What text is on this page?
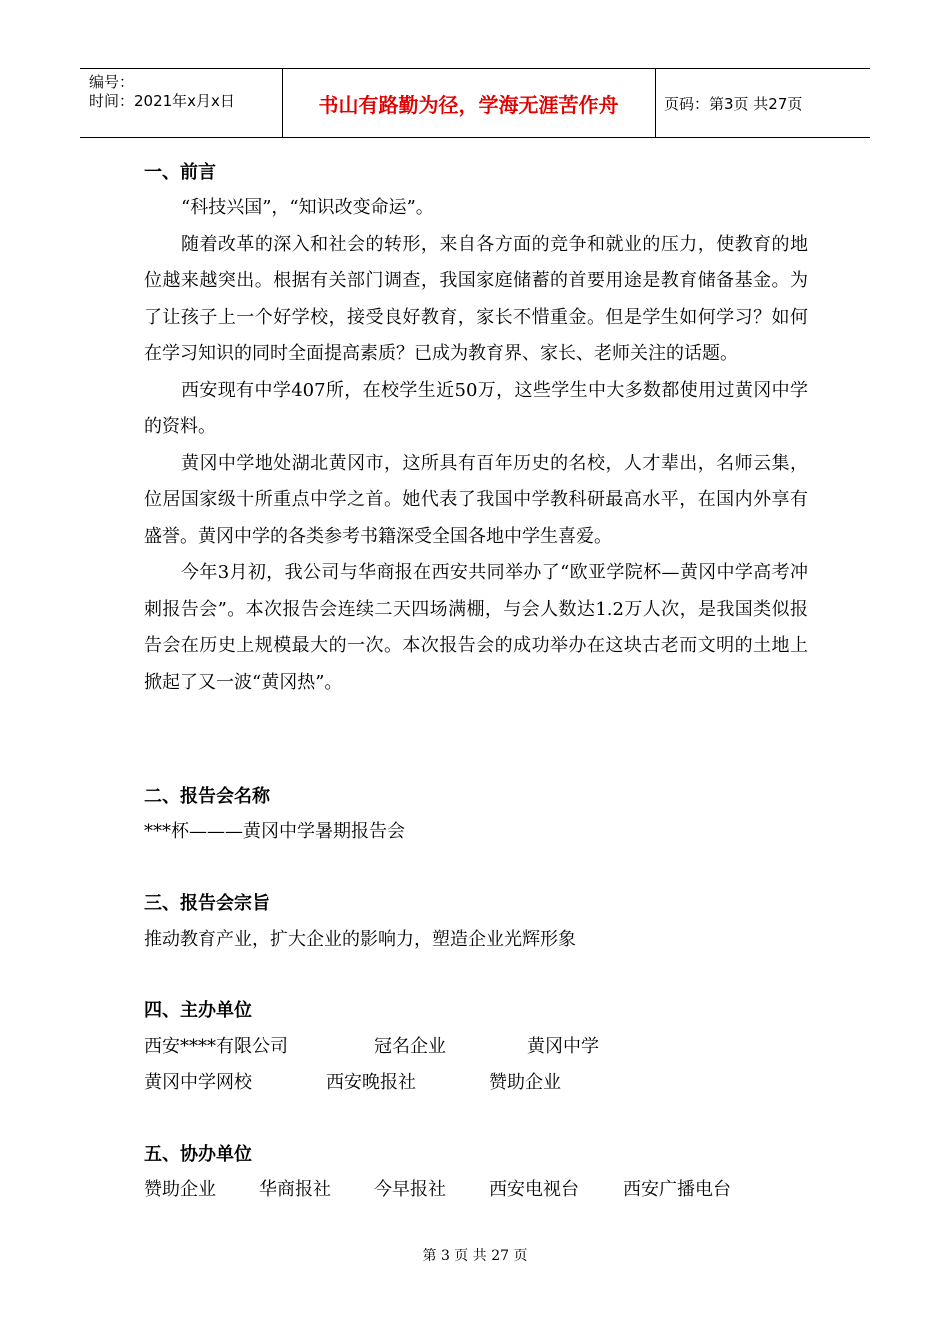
编号：
时间：2021年x月x日	书山有路勤为径，学海无涯苦作舟	页码：第3页 共27页
一、前言

“科技兴国”，“知识改变命运”。

随着改革的深入和社会的转形，来自各方面的竞争和就业的压力，使教育的地位越来越突出。根据有关部门调查，我国家庭储蓄的首要用途是教育储备基金。为了让孩子上一个好学校，接受良好教育，家长不惜重金。但是学生如何学习？如何在学习知识的同时全面提高素质？已成为教育界、家长、老师关注的话题。

西安现有中学407所，在校学生近50万，这些学生中大多数都使用过黄冈中学的资料。

黄冈中学地处湖北黄冈市，这所具有百年历史的名校，人才辈出，名师云集，位居国家级十所重点中学之首。她代表了我国中学教科研最高水平，在国内外享有盛誉。黄冈中学的各类参考书籍深受全国各地中学生喜爱。

今年3月初，我公司与华商报在西安共同举办了“欧亚学院杯—黄冈中学高考冲刺报告会”。本次报告会连续二天四场满棚，与会人数达1.2万人次，是我国类似报告会在历史上规模最大的一次。本次报告会的成功举办在这块古老而文明的土地上掀起了又一波“黄冈热”。

二、报告会名称
***杯———黄冈中学暑期报告会
三、报告会宗旨
推动教育产业，扩大企业的影响力，塑造企业光辉形象
四、主办单位
西安****有限公司	冠名企业	黄冈中学
黄冈中学网校	西安晚报社	赞助企业
五、协办单位
赞助企业 华商报社 今早报社 西安电视台 西安广播电台
第 3 页 共 27 页
